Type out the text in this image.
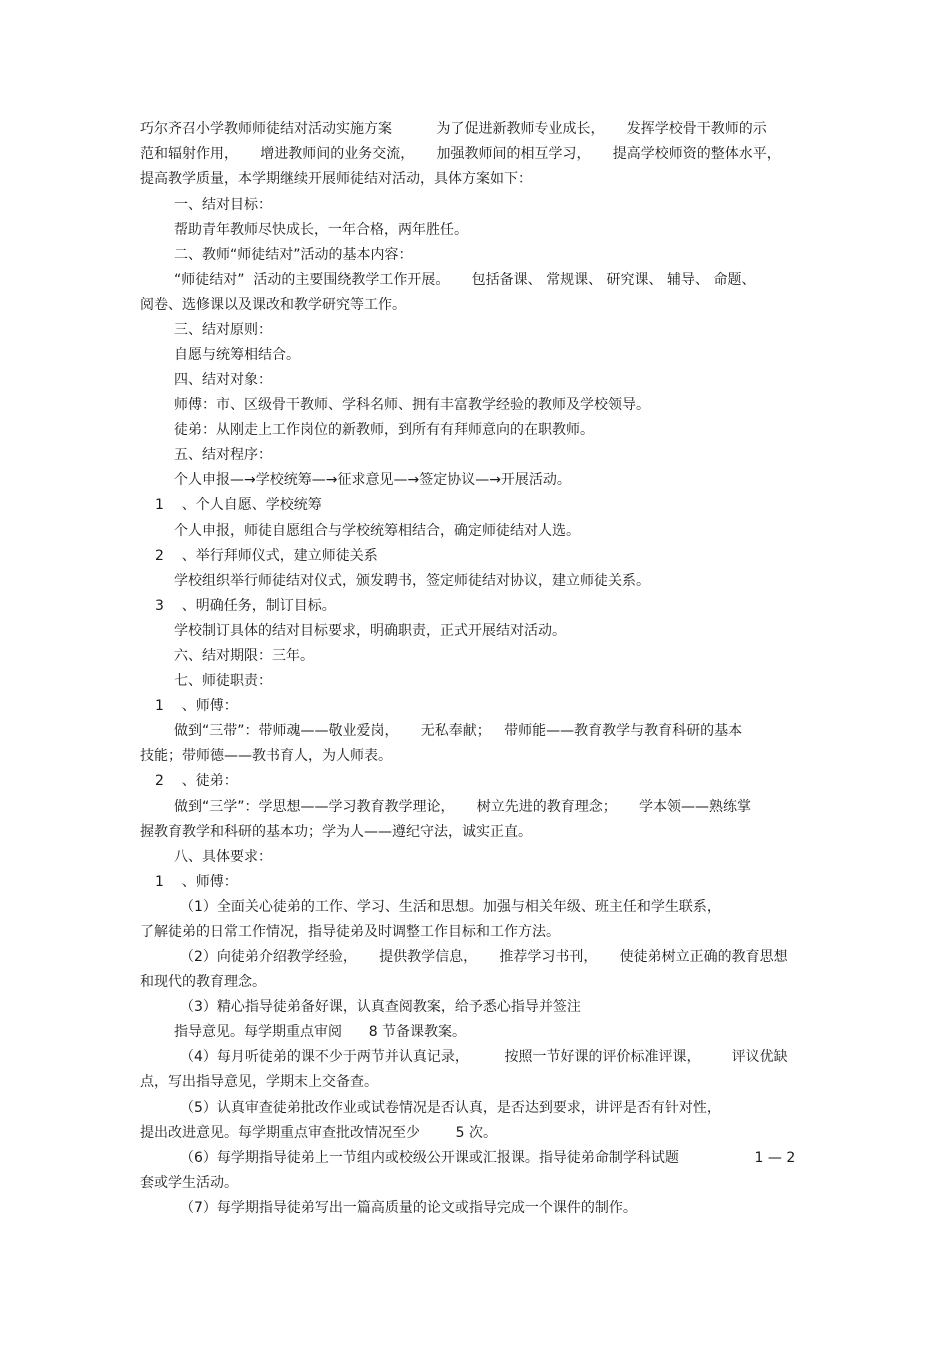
巧尔齐召小学教师师徒结对活动实施方案          为了促进新教师专业成长，     发挥学校骨干教师的示
范和辐射作用，     增进教师间的业务交流，     加强教师间的相互学习，     提高学校师资的整体水平，
提高教学质量，本学期继续开展师徒结对活动，具体方案如下：
一、结对目标：
帮助青年教师尽快成长，一年合格，两年胜任。
二、教师“师徒结对”活动的基本内容：
“师徒结对”  活动的主要围绕教学工作开展。     包括备课、 常规课、 研究课、 辅导、 命题、
阅卷、选修课以及课改和教学研究等工作。
三、结对原则：
自愿与统筹相结合。
四、结对对象：
师傅：市、区级骨干教师、学科名师、拥有丰富教学经验的教师及学校领导。
徒弟：从刚走上工作岗位的新教师，到所有有拜师意向的在职教师。
五、结对程序：
个人申报—→学校统筹—→征求意见—→签定协议—→开展活动。
1    、个人自愿、学校统筹
个人申报，师徒自愿组合与学校统筹相结合，确定师徒结对人选。
2    、举行拜师仪式，建立师徒关系
学校组织举行师徒结对仪式，颁发聘书，签定师徒结对协议，建立师徒关系。
3    、明确任务，制订目标。
学校制订具体的结对目标要求，明确职责，正式开展结对活动。
六、结对期限：三年。
七、师徒职责：
1    、师傅：
做到“三带”：带师魂——敬业爱岗，     无私奉献；   带师能——教育教学与教育科研的基本
技能；带师德——教书育人，为人师表。
2    、徒弟：
做到“三学”：学思想——学习教育教学理论，     树立先进的教育理念；     学本领——熟练掌
握教育教学和科研的基本功；学为人——遵纪守法，诚实正直。
八、具体要求：
1    、师傅：
（1）全面关心徒弟的工作、学习、生活和思想。加强与相关年级、班主任和学生联系，
了解徒弟的日常工作情况，指导徒弟及时调整工作目标和工作方法。
（2）向徒弟介绍教学经验，     提供教学信息，     推荐学习书刊，     使徒弟树立正确的教育思想
和现代的教育理念。
（3）精心指导徒弟备好课，认真查阅教案，给予悉心指导并签注
指导意见。每学期重点审阅      8 节备课教案。
（4）每月听徒弟的课不少于两节并认真记录，        按照一节好课的评价标准评课，       评议优缺
点，写出指导意见，学期末上交备查。
（5）认真审查徒弟批改作业或试卷情况是否认真，是否达到要求，讲评是否有针对性，
提出改进意见。每学期重点审查批改情况至少        5 次。
（6）每学期指导徒弟上一节组内或校级公开课或汇报课。指导徒弟命制学科试题                 1 — 2
套或学生活动。
（7）每学期指导徒弟写出一篇高质量的论文或指导完成一个课件的制作。
